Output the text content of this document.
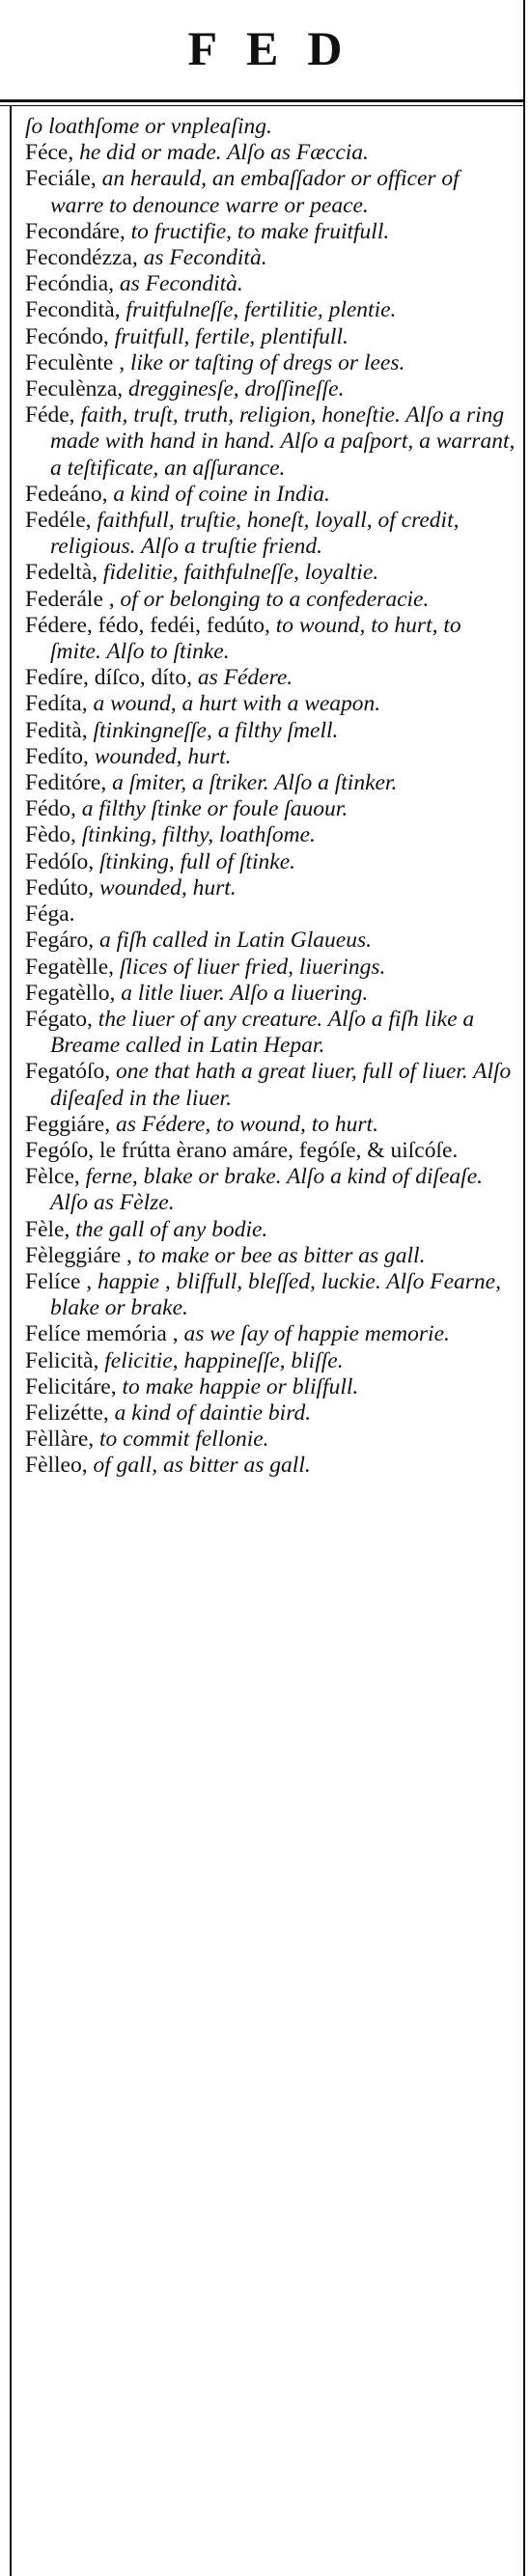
FED

ſo loathſome or vnpleaſing.

Féce, he did or made. Alſo as Fæccia.

Feciále, an herauld, an embaſſador or officer of warre to denounce warre or peace.

Fecondáre, to fructifie, to make fruitfull.

Fecondézza, as Fecondità.

Fecóndia, as Fecondità.

Fecondità, fruitfulneſſe, fertilitie, plentie.

Fecóndo, fruitfull, fertile, plentifull.

Feculènte , like or taſting of dregs or lees.

Feculènza, dregginesſe, droſſineſſe.

Féde, faith, truſt, truth, religion, honeſtie. Alſo a ring made with hand in hand. Alſo a paſport, a warrant, a teſtificate, an aſſurance.

Fedeáno, a kind of coine in India.

Fedéle, faithfull, truſtie, honeſt, loyall, of credit, religious. Alſo a truſtie friend.

Fedeltà, fidelitie, faithfulneſſe, loyaltie.

Federále , of or belonging to a confederacie.

Fédere, fédo, fedéi, fedúto, to wound, to hurt, to ſmite. Alſo to ſtinke.

Fedíre, díſco, díto, as Fédere.

Fedíta, a wound, a hurt with a weapon.

Fedità, ſtinkingneſſe, a filthy ſmell.

Fedíto, wounded, hurt.

Feditóre, a ſmiter, a ſtriker. Alſo a ſtinker.

Fédo, a filthy ſtinke or foule ſauour.

Fèdo, ſtinking, filthy, loathſome.

Fedóſo, ſtinking, full of ſtinke.

Fedúto, wounded, hurt.

Féga.

Fegáro, a fiſh called in Latin Glaueus.

Fegatèlle, ſlices of liuer fried, liuerings.

Fegatèllo, a litle liuer. Alſo a liuering.

Fégato, the liuer of any creature. Alſo a fiſh like a Breame called in Latin Hepar.

Fegatóſo, one that hath a great liuer, full of liuer. Alſo diſeaſed in the liuer.

Feggiáre, as Fédere, to wound, to hurt.

Fegóſo, le frútta èrano amáre, fegóſe, & uiſcóſe.

Fèlce, ferne, blake or brake. Alſo a kind of diſeaſe. Alſo as Fèlze.

Fèle, the gall of any bodie.

Fèleggiáre , to make or bee as bitter as gall.

Felíce , happie , bliſfull, bleſſed, luckie. Alſo Fearne, blake or brake.

Felíce memória , as we ſay of happie memorie.

Felicità, felicitie, happineſſe, bliſſe.

Felicitáre, to make happie or bliſfull.

Felizétte, a kind of daintie bird.

Fèllàre, to commit fellonie.

Fèlleo, of gall, as bitter as gall.
